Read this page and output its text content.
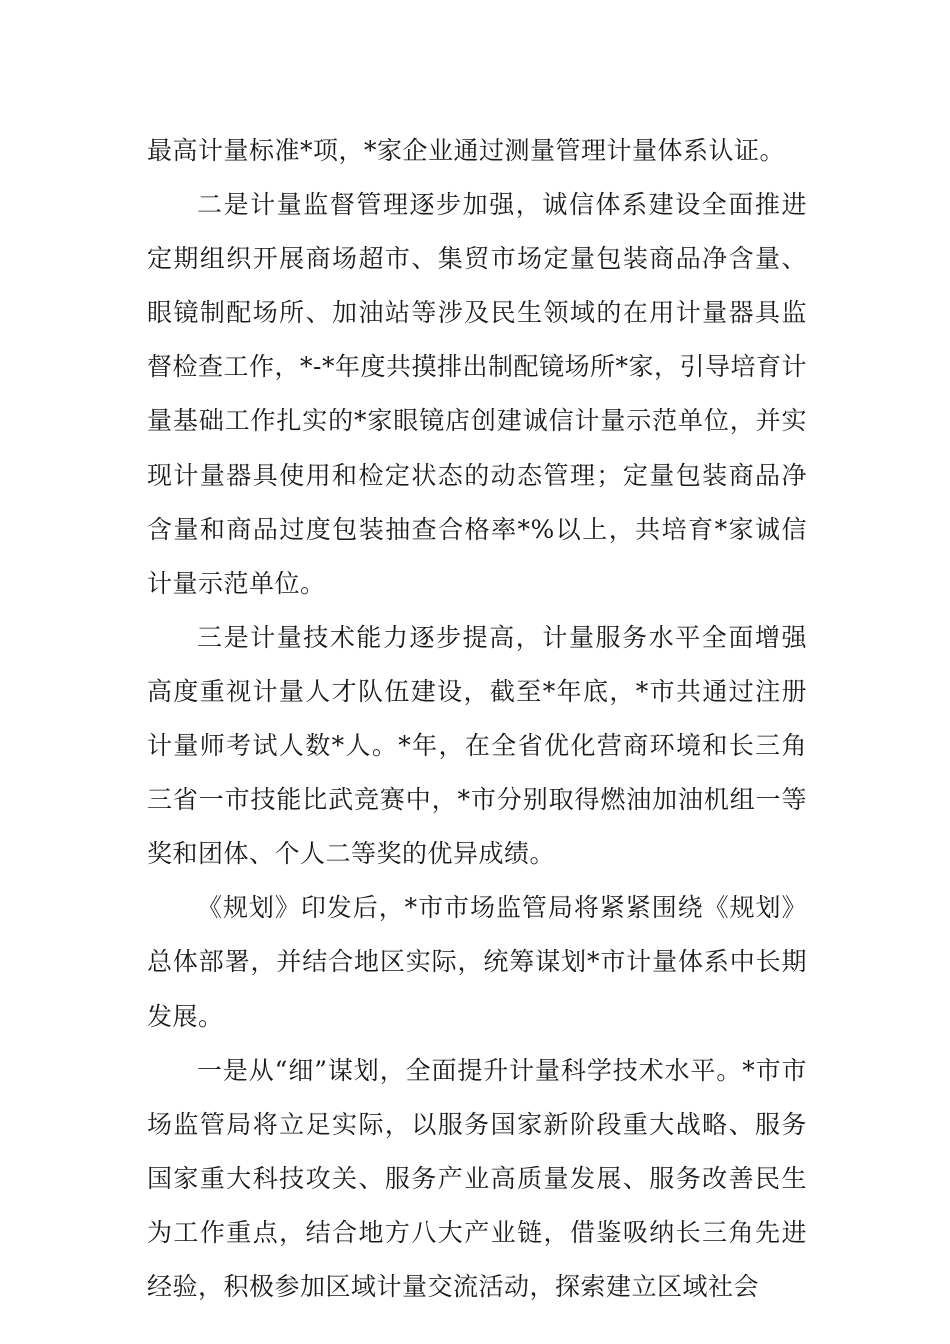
最高计量标准*项，*家企业通过测量管理计量体系认证。

二是计量监督管理逐步加强，诚信体系建设全面推进定期组织开展商场超市、集贸市场定量包装商品净含量、眼镜制配场所、加油站等涉及民生领域的在用计量器具监督检查工作，*-*年度共摸排出制配镜场所*家，引导培育计量基础工作扎实的*家眼镜店创建诚信计量示范单位，并实现计量器具使用和检定状态的动态管理；定量包装商品净含量和商品过度包装抽查合格率*%以上，共培育*家诚信计量示范单位。

三是计量技术能力逐步提高，计量服务水平全面增强高度重视计量人才队伍建设，截至*年底，*市共通过注册计量师考试人数*人。*年，在全省优化营商环境和长三角三省一市技能比武竞赛中，*市分别取得燃油加油机组一等奖和团体、个人二等奖的优异成绩。

《规划》印发后，*市市场监管局将紧紧围绕《规划》总体部署，并结合地区实际，统筹谋划*市计量体系中长期发展。

一是从“细”谋划，全面提升计量科学技术水平。*市市场监管局将立足实际，以服务国家新阶段重大战略、服务国家重大科技攻关、服务产业高质量发展、服务改善民生为工作重点，结合地方八大产业链，借鉴吸纳长三角先进经验，积极参加区域计量交流活动，探索建立区域社会
